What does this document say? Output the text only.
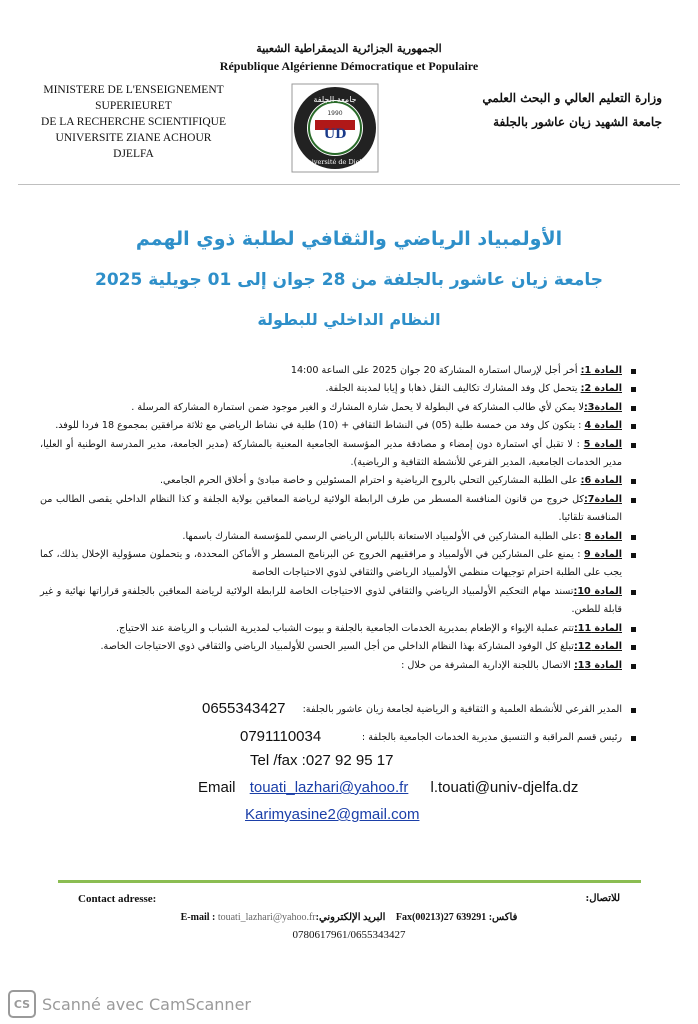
الجمهورية الجزائرية الديمقراطية الشعبية
République Algérienne Démocratique et Populaire
MINISTERE DE L'ENSEIGNEMENT SUPERIEURET
DE LA RECHERCHE SCIENTIFIQUE
UNIVERSITE ZIANE ACHOUR
DJELFA
وزارة التعليم العالي و البحث العلمي
جامعة الشهيد زيان عاشور بالجلفة
جامعة الجلفة
1990
UD
Université de Djelfa
الأولمبياد الرياضي والثقافي لطلبة ذوي الهمم
جامعة زيان عاشور بالجلفة من 28 جوان إلى 01 جويلية 2025
النظام الداخلي للبطولة
المادة 1: أخر أجل لإرسال استمارة المشاركة 20 جوان 2025 على الساعة 14:00
المادة 2: يتحمل كل وفد المشارك تكاليف النقل ذهابا و إيابا لمدينة الجلفة.
المادة3:لا يمكن لأي طالب المشاركة في البطولة لا يحمل شارة المشارك و الغير موجود ضمن استمارة المشاركة المرسلة .
المادة 4 : يتكون كل وفد من خمسة طلبة (05) في النشاط الثقافي + (10) طلبة في نشاط الرياضي مع ثلاثة مرافقين بمجموع 18 فردا للوفد.
المادة 5 : لا تقبل أي استمارة دون إمضاء و مصادقة مدير المؤسسة الجامعية المعنية بالمشاركة (مدير الجامعة، مدير المدرسة الوطنية أو العليا، مدير الخدمات الجامعية، المدير الفرعي للأنشطة الثقافية و الرياضية).
المادة 6: على الطلبة المشاركين التحلي بالروح الرياضية و احترام المسئولين و خاصة مبادئ و أخلاق الحرم الجامعي.
المادة7:كل خروج من قانون المنافسة المسطر من طرف الرابطة الولائية لرياضة المعاقين بولاية الجلفة و كذا النظام الداخلي يقصى الطالب من المنافسة تلقائيا.
المادة 8 :على الطلبة المشاركين في الأولمبياد الاستعانة باللباس الرياضي الرسمي للمؤسسة المشارك باسمها.
المادة 9 : يمنع على المشاركين في الأولمبياد و مرافقيهم الخروج عن البرنامج المسطر و الأماكن المحددة، و يتحملون مسؤولية الإخلال بذلك، كما يجب على الطلبة احترام توجيهات منظمي الأولمبياد الرياضي والثقافي لذوي الاحتياجات الخاصة
المادة 10:تسند مهام التحكيم الأولمبياد الرياضي والثقافي لذوي الاحتياجات الخاصة للرابطة الولائية لرياضة المعاقين بالجلفةو قراراتها نهائية و غير قابلة للطعن.
المادة 11:تتم عملية الإيواء و الإطعام بمديرية الخدمات الجامعية بالجلفة و بيوت الشباب لمديرية الشباب و الرياضة عند الاحتياج.
المادة 12:تبلغ كل الوفود المشاركة بهذا النظام الداخلي من أجل السير الحسن للأولمبياد الرياضي والثقافي ذوي الاحتياجات الخاصة.
المادة 13: الاتصال باللجنة الإدارية المشرفة من خلال :
المدير الفرعي للأنشطة العلمية و الثقافية و الرياضية لجامعة زيان عاشور بالجلفة:
0655343427
رئيس قسم المراقبة و التنسيق مديرية الخدمات الجامعية بالجلفة :
0791110034
Tel /fax :027 92 95 17
Email touati_lazhari@yahoo.fr l.touati@univ-djelfa.dz
Karimyasine2@gmail.com
Contact adresse:	للاتصال:
E-mail : touati_lazhari@yahoo.fr:البريد الإلكتروني Fax(00213)27 639291 :فاكس
0780617961/0655343427
CS Scanné avec CamScanner
